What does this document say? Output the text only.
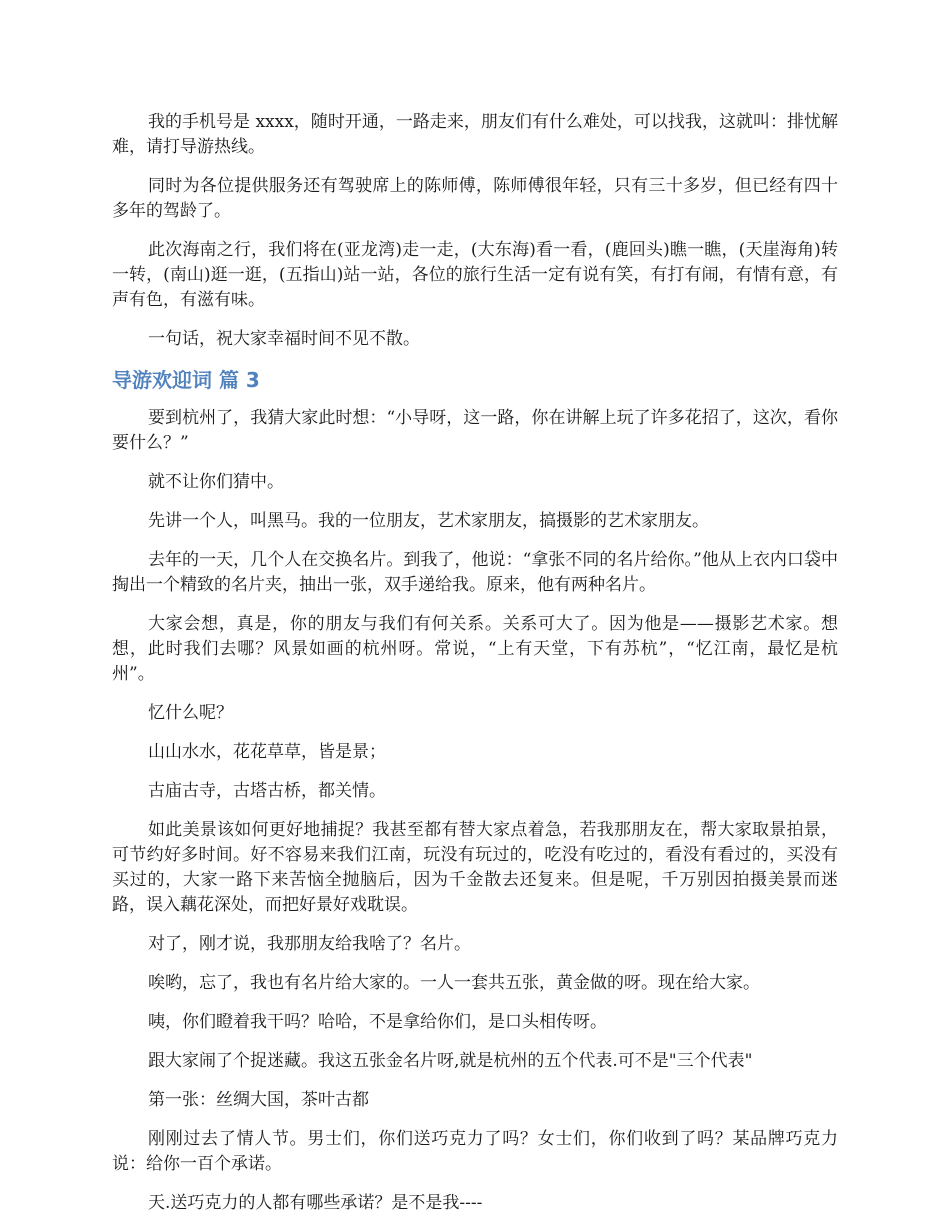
我的手机号是 xxxx，随时开通，一路走来，朋友们有什么难处，可以找我，这就叫：排忧解难，请打导游热线。

同时为各位提供服务还有驾驶席上的陈师傅，陈师傅很年轻，只有三十多岁，但已经有四十多年的驾龄了。

此次海南之行，我们将在(亚龙湾)走一走，(大东海)看一看，(鹿回头)瞧一瞧，(天崖海角)转一转，(南山)逛一逛，(五指山)站一站，各位的旅行生活一定有说有笑，有打有闹，有情有意，有声有色，有滋有味。

一句话，祝大家幸福时间不见不散。

导游欢迎词 篇 3

要到杭州了，我猜大家此时想：“小导呀，这一路，你在讲解上玩了许多花招了，这次，看你要什么？”

就不让你们猜中。

先讲一个人，叫黑马。我的一位朋友，艺术家朋友，搞摄影的艺术家朋友。

去年的一天，几个人在交换名片。到我了，他说：“拿张不同的名片给你。”他从上衣内口袋中掏出一个精致的名片夹，抽出一张，双手递给我。原来，他有两种名片。

大家会想，真是，你的朋友与我们有何关系。关系可大了。因为他是——摄影艺术家。想想，此时我们去哪？风景如画的杭州呀。常说，“上有天堂，下有苏杭”，“忆江南，最忆是杭州”。

忆什么呢？

山山水水，花花草草，皆是景；

古庙古寺，古塔古桥，都关情。

如此美景该如何更好地捕捉？我甚至都有替大家点着急，若我那朋友在，帮大家取景拍景，可节约好多时间。好不容易来我们江南，玩没有玩过的，吃没有吃过的，看没有看过的，买没有买过的，大家一路下来苦恼全抛脑后，因为千金散去还复来。但是呢，千万别因拍摄美景而迷路，误入藕花深处，而把好景好戏耽误。

对了，刚才说，我那朋友给我啥了？名片。

唉哟，忘了，我也有名片给大家的。一人一套共五张，黄金做的呀。现在给大家。

咦，你们瞪着我干吗？哈哈，不是拿给你们，是口头相传呀。

跟大家闹了个捉迷藏。我这五张金名片呀,就是杭州的五个代表.可不是"三个代表"

第一张：丝绸大国，茶叶古都

刚刚过去了情人节。男士们，你们送巧克力了吗？女士们，你们收到了吗？某品牌巧克力说：给你一百个承诺。

天.送巧克力的人都有哪些承诺？是不是我----
